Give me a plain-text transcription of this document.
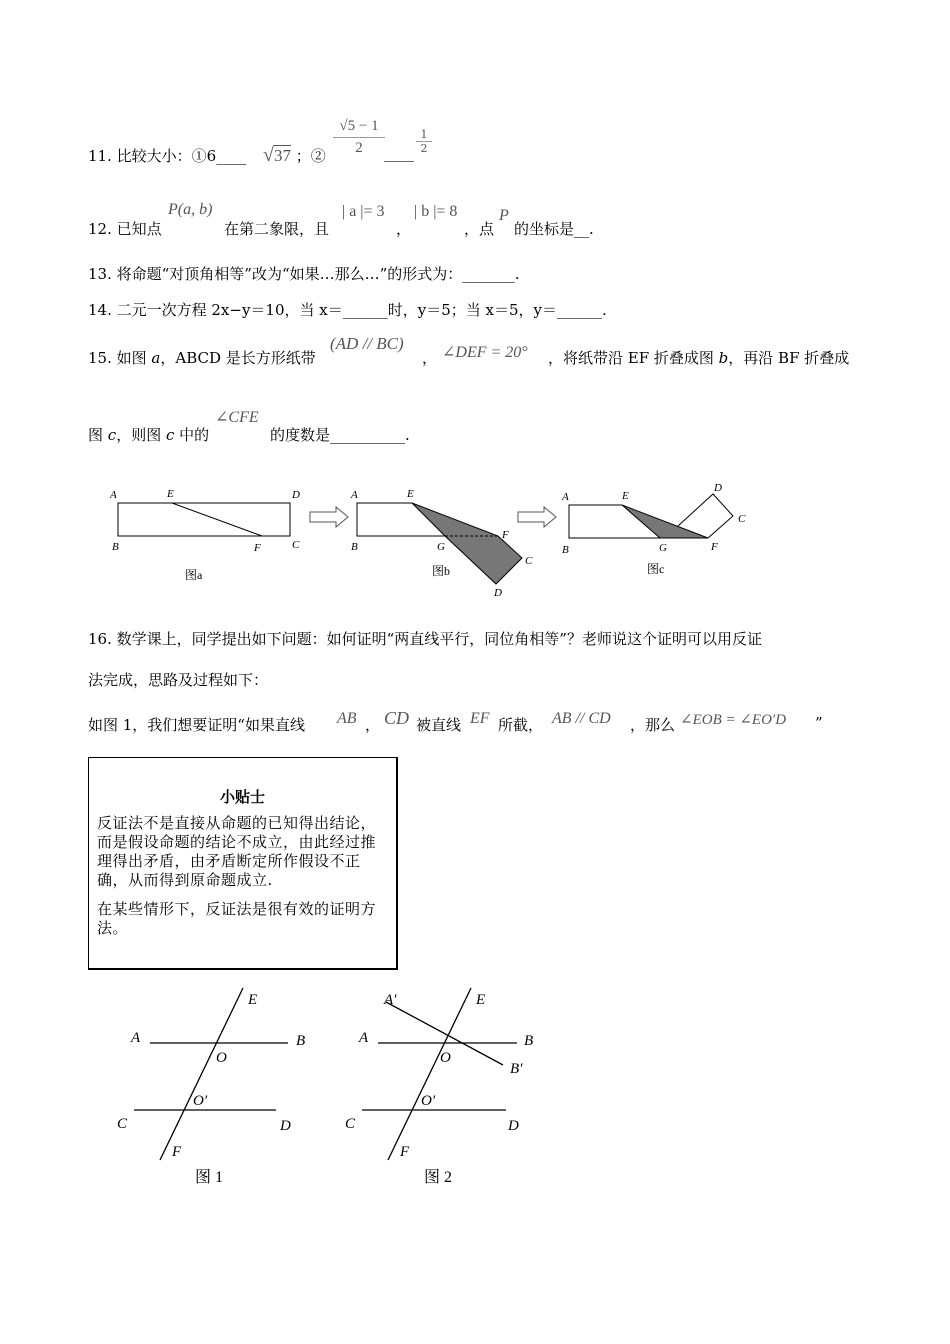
11. 比较大小：①6____ √37 ；②
√5 − 1
2	____
1
2
12. 已知点
P(a, b)
在第二象限，且
| a |= 3
，
| b |= 8
，点
P
的坐标是__.
13. 将命题“对顶角相等”改为“如果…那么…”的形式为：_______.
14. 二元一次方程 2x−y＝10，当 x＝______时，y＝5；当 x＝5，y＝______.
15. 如图 a，ABCD 是长方形纸带
(AD // BC)
， ∠DEF = 20° ，将纸带沿 EF 折叠成图 b，再沿 BF 折叠成
图 c，则图 c 中的
∠CFE
的度数是__________.
A	E	D
B	F	C
图a
A	E
B	G
F
C
D
图b
A	E
B	G	F
D
C
图c
16. 数学课上，同学提出如下问题：如何证明“两直线平行，同位角相等”？老师说这个证明可以用反证
法完成，思路及过程如下：
如图 1，我们想要证明“如果直线 AB ， CD 被直线 EF 所截， AB // CD ，那么 ∠EOB = ∠EO′D ”
小贴士
反证法不是直接从命题的已知得出结论，而是假设命题的结论不成立，由此经过推理得出矛盾，由矛盾断定所作假设不正确，从而得到原命题成立.
在某些情形下，反证法是很有效的证明方法。
E
A	B
O
O′
C	D
F
图 1
E
A′
A	B
B′
O
O′
C	D
F
图 2
